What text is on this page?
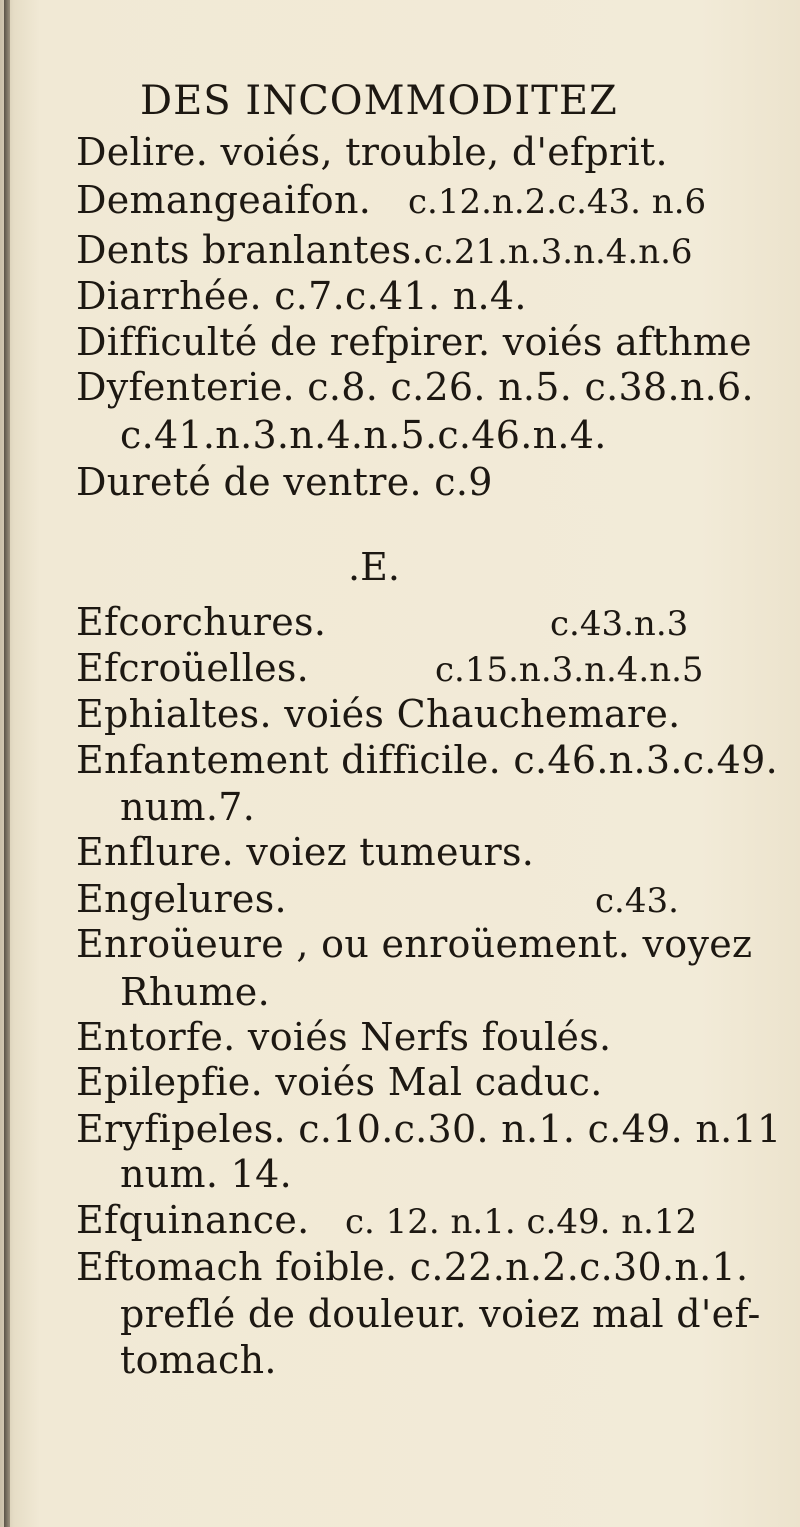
DES INCOMMODITEZ
Delire. voiés, trouble, d'efprit.
Demangeaifon. c.12.n.2.c.43. n.6
Dents branlantes. c.21.n.3.n.4.n.6
Diarrhée. c.7.c.41. n.4.
Difficulté de refpirer. voiés afthme
Dyfenterie. c.8. c.26. n.5. c.38.n.6.
c.41.n.3.n.4.n.5.c.46.n.4.
Dureté de ventre. c.9
.E.
Efcorchures.	c.43.n.3
Efcroüelles.	c.15.n.3.n.4.n.5
Ephialtes. voiés Chauchemare.
Enfantement difficile. c.46.n.3.c.49.
num.7.
Enflure. voiez tumeurs.
Engelures.	c.43.
Enroüeure , ou enroüement. voyez
Rhume.
Entorfe. voiés Nerfs foulés.
Epilepfie. voiés Mal caduc.
Eryfipeles. c.10.c.30. n.1. c.49. n.11
num. 14.
Efquinance. c. 12. n.1. c.49. n.12
Eftomach foible. c.22.n.2.c.30.n.1.
preflé de douleur. voiez mal d'ef-
tomach.
